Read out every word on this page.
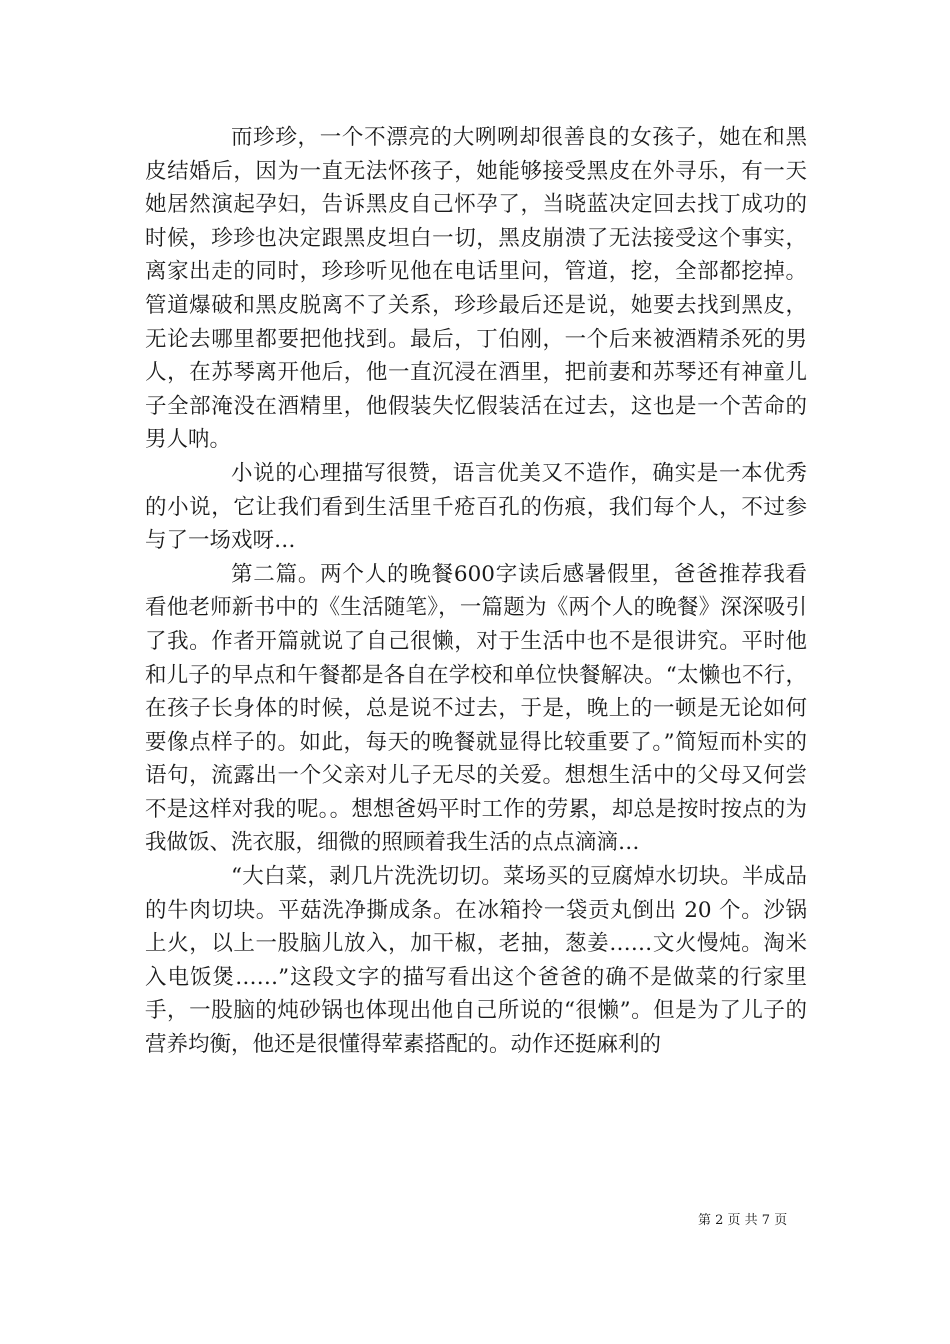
而珍珍，一个不漂亮的大咧咧却很善良的女孩子，她在和黑皮结婚后，因为一直无法怀孩子，她能够接受黑皮在外寻乐，有一天她居然演起孕妇，告诉黑皮自己怀孕了，当晓蓝决定回去找丁成功的时候，珍珍也决定跟黑皮坦白一切，黑皮崩溃了无法接受这个事实，离家出走的同时，珍珍听见他在电话里问，管道，挖，全部都挖掉。管道爆破和黑皮脱离不了关系，珍珍最后还是说，她要去找到黑皮，无论去哪里都要把他找到。最后，丁伯刚，一个后来被酒精杀死的男人，在苏琴离开他后，他一直沉浸在酒里，把前妻和苏琴还有神童儿子全部淹没在酒精里，他假装失忆假装活在过去，这也是一个苦命的男人呐。

小说的心理描写很赞，语言优美又不造作，确实是一本优秀的小说，它让我们看到生活里千疮百孔的伤痕，我们每个人，不过参与了一场戏呀…

第二篇。两个人的晚餐600字读后感暑假里，爸爸推荐我看看他老师新书中的《生活随笔》，一篇题为《两个人的晚餐》深深吸引了我。作者开篇就说了自己很懒，对于生活中也不是很讲究。平时他和儿子的早点和午餐都是各自在学校和单位快餐解决。“太懒也不行，在孩子长身体的时候，总是说不过去，于是，晚上的一顿是无论如何要像点样子的。如此，每天的晚餐就显得比较重要了。”简短而朴实的语句，流露出一个父亲对儿子无尽的关爱。想想生活中的父母又何尝不是这样对我的呢。。想想爸妈平时工作的劳累，却总是按时按点的为我做饭、洗衣服，细微的照顾着我生活的点点滴滴…

“大白菜，剥几片洗洗切切。菜场买的豆腐焯水切块。半成品的牛肉切块。平菇洗净撕成条。在冰箱拎一袋贡丸倒出 20 个。沙锅上火，以上一股脑儿放入，加干椒，老抽，葱姜……文火慢炖。淘米入电饭煲……”这段文字的描写看出这个爸爸的确不是做菜的行家里手，一股脑的炖砂锅也体现出他自己所说的“很懒”。但是为了儿子的营养均衡，他还是很懂得荤素搭配的。动作还挺麻利的

第 2 页 共 7 页
